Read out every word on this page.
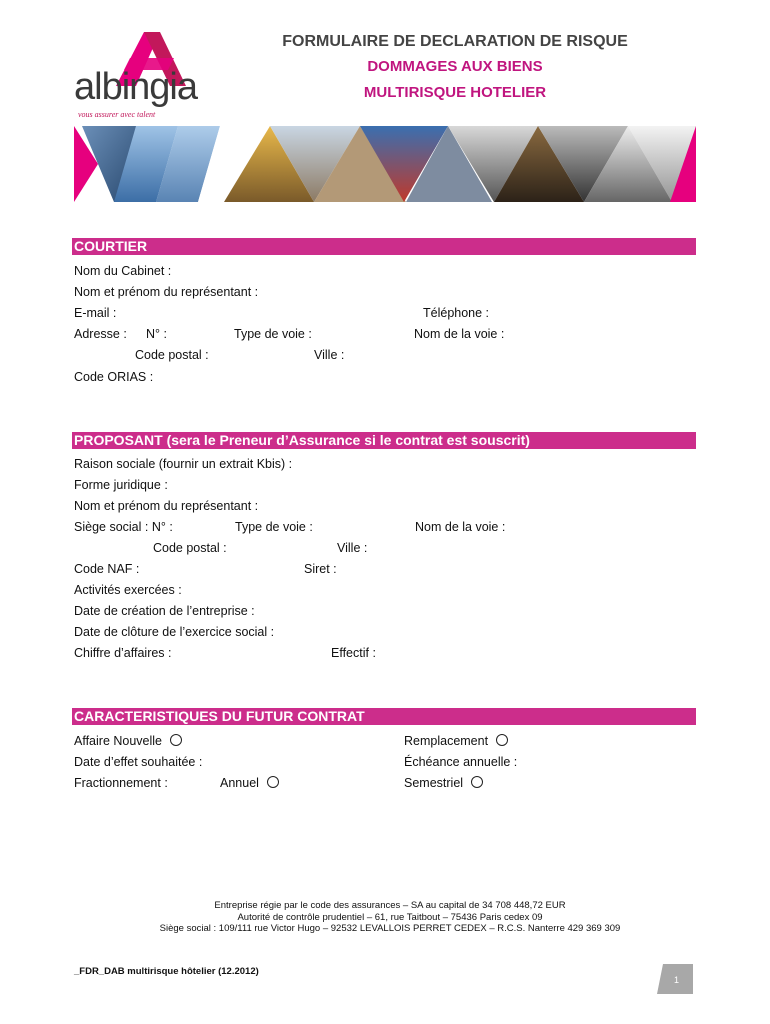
albingia
vous assurer avec talent

FORMULAIRE DE DECLARATION DE RISQUE

DOMMAGES AUX BIENS

MULTIRISQUE HOTELIER

COURTIER
Nom du Cabinet :
Nom et prénom du représentant :
E-mail :	Téléphone :
Adresse : N° :	Type de voie :	Nom de la voie :
Code postal :	Ville :
Code ORIAS :
PROPOSANT (sera le Preneur d’Assurance si le contrat est souscrit)
Raison sociale (fournir un extrait Kbis) :
Forme juridique :
Nom et prénom du représentant :
Siège social : N° :	Type de voie :	Nom de la voie :
Code postal :	Ville :
Code NAF :	Siret :
Activités exercées :
Date de création de l’entreprise :
Date de clôture de l’exercice social :
Chiffre d’affaires :	Effectif :
CARACTERISTIQUES DU FUTUR CONTRAT
Affaire Nouvelle	Remplacement
Date d’effet souhaitée :	Échéance annuelle :
Fractionnement :	Annuel	Semestriel
Entreprise régie par le code des assurances – SA au capital de 34 708 448,72 EUR
Autorité de contrôle prudentiel – 61, rue Taitbout – 75436 Paris cedex 09
Siège social : 109/111 rue Victor Hugo – 92532 LEVALLOIS PERRET CEDEX – R.C.S. Nanterre 429 369 309
_FDR_DAB multirisque hôtelier (12.2012)
1
